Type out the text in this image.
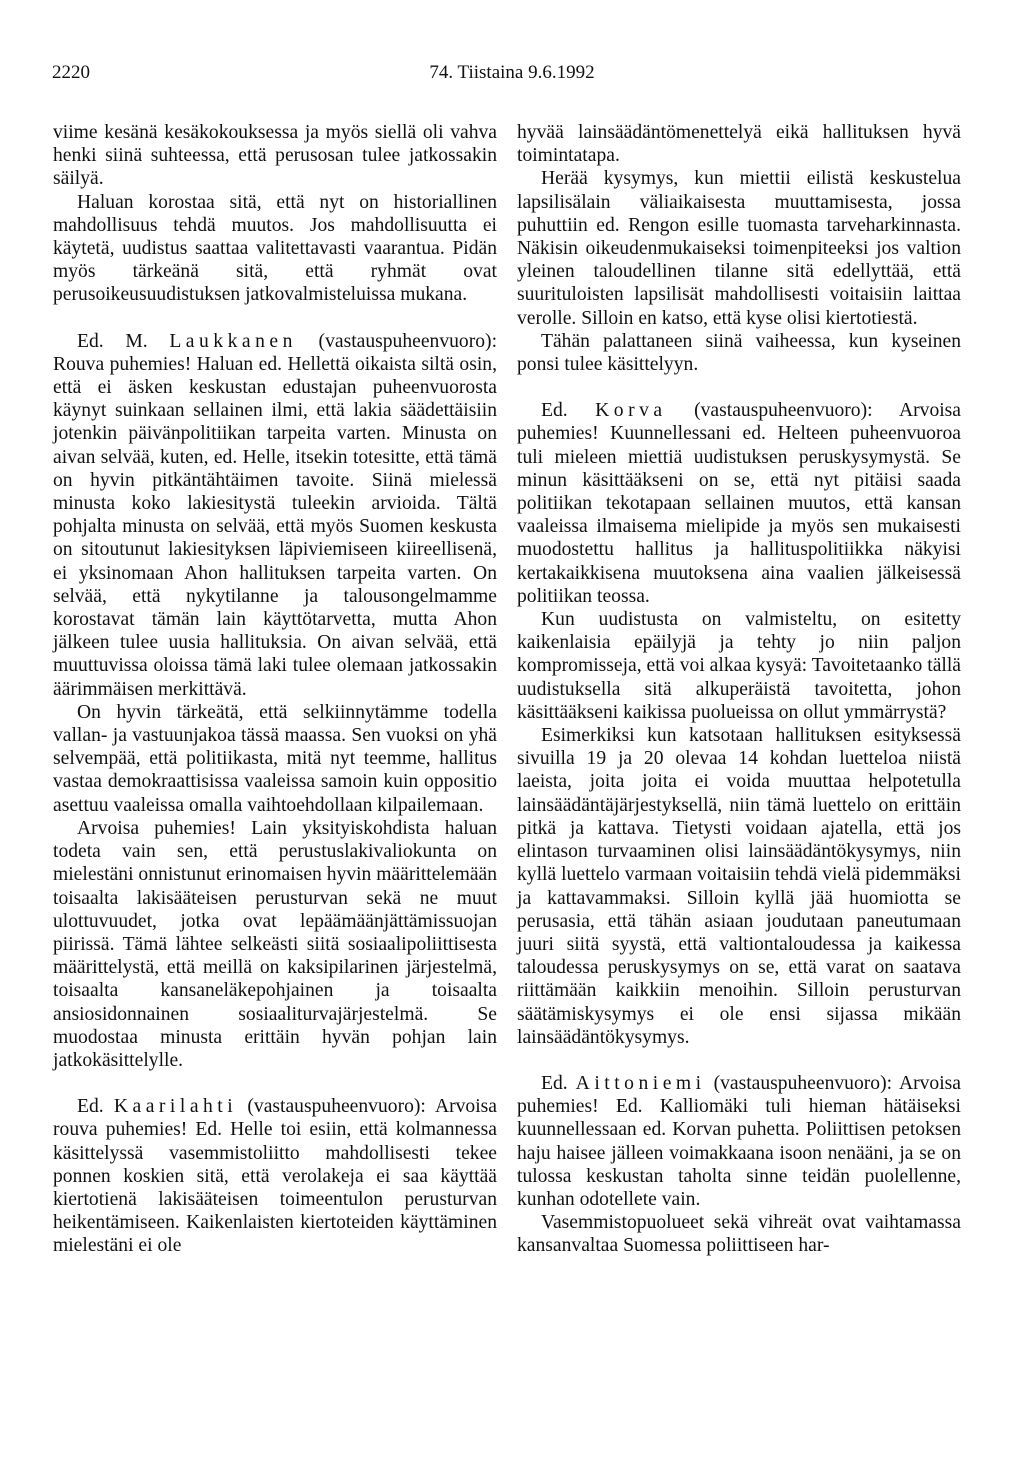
2220	74. Tiistaina 9.6.1992

viime kesänä kesäkokouksessa ja myös siellä oli vahva henki siinä suhteessa, että perusosan tulee jatkossakin säilyä.

Haluan korostaa sitä, että nyt on historiallinen mahdollisuus tehdä muutos. Jos mahdollisuutta ei käytetä, uudistus saattaa valitettavasti vaarantua. Pidän myös tärkeänä sitä, että ryhmät ovat perusoikeusuudistuksen jatkovalmisteluissa mukana.

Ed. M. Laukkanen (vastauspuheenvuoro): Rouva puhemies! Haluan ed. Hellettä oikaista siltä osin, että ei äsken keskustan edustajan puheenvuorosta käynyt suinkaan sellainen ilmi, että lakia säädettäisiin jotenkin päivänpolitiikan tarpeita varten. Minusta on aivan selvää, kuten, ed. Helle, itsekin totesitte, että tämä on hyvin pitkäntähtäimen tavoite. Siinä mielessä minusta koko lakiesitystä tuleekin arvioida. Tältä pohjalta minusta on selvää, että myös Suomen keskusta on sitoutunut lakiesityksen läpiviemiseen kiireellisenä, ei yksinomaan Ahon hallituksen tarpeita varten. On selvää, että nykytilanne ja talousongelmamme korostavat tämän lain käyttötarvetta, mutta Ahon jälkeen tulee uusia hallituksia. On aivan selvää, että muuttuvissa oloissa tämä laki tulee olemaan jatkossakin äärimmäisen merkittävä.

On hyvin tärkeätä, että selkiinnytämme todella vallan- ja vastuunjakoa tässä maassa. Sen vuoksi on yhä selvempää, että politiikasta, mitä nyt teemme, hallitus vastaa demokraattisissa vaaleissa samoin kuin oppositio asettuu vaaleissa omalla vaihtoehdollaan kilpailemaan.

Arvoisa puhemies! Lain yksityiskohdista haluan todeta vain sen, että perustuslakivaliokunta on mielestäni onnistunut erinomaisen hyvin määrittelemään toisaalta lakisääteisen perusturvan sekä ne muut ulottuvuudet, jotka ovat lepäämäänjättämissuojan piirissä. Tämä lähtee selkeästi siitä sosiaalipoliittisesta määrittelystä, että meillä on kaksipilarinen järjestelmä, toisaalta kansaneläkepohjainen ja toisaalta ansiosidonnainen sosiaaliturvajärjestelmä. Se muodostaa minusta erittäin hyvän pohjan lain jatkokäsittelylle.

Ed. Kaarilahti (vastauspuheenvuoro): Arvoisa rouva puhemies! Ed. Helle toi esiin, että kolmannessa käsittelyssä vasemmistoliitto mahdollisesti tekee ponnen koskien sitä, että verolakeja ei saa käyttää kiertotienä lakisääteisen toimeentulon perusturvan heikentämiseen. Kaikenlaisten kiertoteiden käyttäminen mielestäni ei ole

hyvää lainsäädäntömenettelyä eikä hallituksen hyvä toimintatapa.

Herää kysymys, kun miettii eilistä keskustelua lapsilisälain väliaikaisesta muuttamisesta, jossa puhuttiin ed. Rengon esille tuomasta tarveharkinnasta. Näkisin oikeudenmukaiseksi toimenpiteeksi jos valtion yleinen taloudellinen tilanne sitä edellyttää, että suurituloisten lapsilisät mahdollisesti voitaisiin laittaa verolle. Silloin en katso, että kyse olisi kiertotiestä.

Tähän palattaneen siinä vaiheessa, kun kyseinen ponsi tulee käsittelyyn.

Ed. Korva (vastauspuheenvuoro): Arvoisa puhemies! Kuunnellessani ed. Helteen puheenvuoroa tuli mieleen miettiä uudistuksen peruskysymystä. Se minun käsittääkseni on se, että nyt pitäisi saada politiikan tekotapaan sellainen muutos, että kansan vaaleissa ilmaisema mielipide ja myös sen mukaisesti muodostettu hallitus ja hallituspolitiikka näkyisi kertakaikkisena muutoksena aina vaalien jälkeisessä politiikan teossa.

Kun uudistusta on valmisteltu, on esitetty kaikenlaisia epäilyjä ja tehty jo niin paljon kompromisseja, että voi alkaa kysyä: Tavoitetaanko tällä uudistuksella sitä alkuperäistä tavoitetta, johon käsittääkseni kaikissa puolueissa on ollut ymmärrystä?

Esimerkiksi kun katsotaan hallituksen esityksessä sivuilla 19 ja 20 olevaa 14 kohdan luetteloa niistä laeista, joita joita ei voida muuttaa helpotetulla lainsäädäntäjärjestyksellä, niin tämä luettelo on erittäin pitkä ja kattava. Tietysti voidaan ajatella, että jos elintason turvaaminen olisi lainsäädäntökysymys, niin kyllä luettelo varmaan voitaisiin tehdä vielä pidemmäksi ja kattavammaksi. Silloin kyllä jää huomiotta se perusasia, että tähän asiaan joudutaan paneutumaan juuri siitä syystä, että valtiontaloudessa ja kaikessa taloudessa peruskysymys on se, että varat on saatava riittämään kaikkiin menoihin. Silloin perusturvan säätämiskysymys ei ole ensi sijassa mikään lainsäädäntökysymys.

Ed. Aittoniemi (vastauspuheenvuoro): Arvoisa puhemies! Ed. Kalliomäki tuli hieman hätäiseksi kuunnellessaan ed. Korvan puhetta. Poliittisen petoksen haju haisee jälleen voimakkaana isoon nenääni, ja se on tulossa keskustan taholta sinne teidän puolellenne, kunhan odotellete vain.

Vasemmistopuolueet sekä vihreät ovat vaihtamassa kansanvaltaa Suomessa poliittiseen har-
